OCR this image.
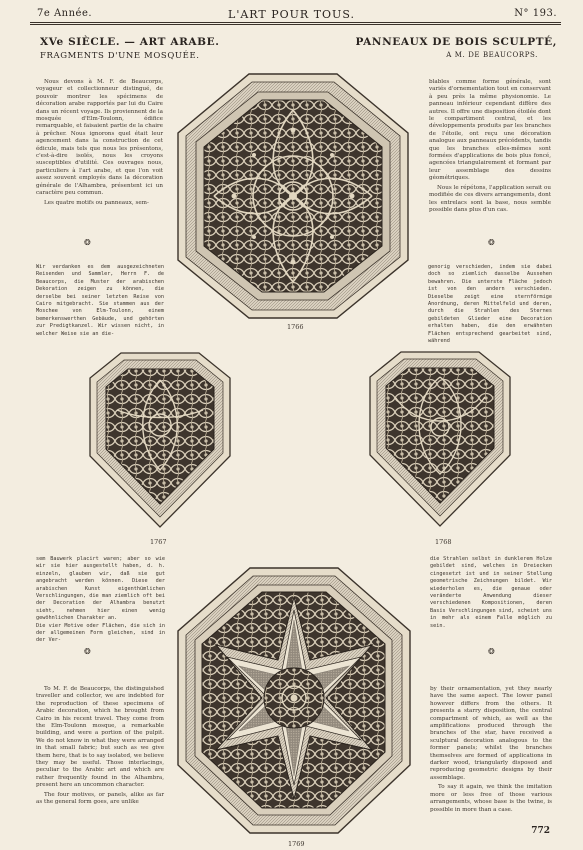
7e Année.	L'ART POUR TOUS.	N° 193.
XVe SIÈCLE. — ART ARABE.
FRAGMENTS D'UNE MOSQUÉE.
PANNEAUX DE BOIS SCULPTÉ,
A M. DE BEAUCORPS.

Nous devons à M. F. de Beaucorps, voyageur et collectionneur distingué, de pouvoir montrer les spécimens de décoration arabe rapportés par lui du Caire dans un récent voyage. Ils proviennent de la mosquée d'Elm-Toulonn, édifice remarquable, et faisaient partie de la chaire à prêcher. Nous ignorons quel était leur agencement dans la construction de cet édicule, mais tels que nous les présentons, c'est-à-dire isolés, nous les croyons susceptibles d'utilité. Ces ouvrages nous, particuliers à l'art arabe, et que l'on voit assez souvent employés dans la décoration générale de l'Alhambra, présentent ici un caractère peu commun.

Les quatre motifs ou panneaux, sem-

blables comme forme générale, sont variés d'ornementation tout en conservant à peu près la même physionomie. Le panneau inférieur cependant diffère des autres. Il offre une disposition étoilée dont le compartiment central, et les développements produits par les branches de l'étoile, ont reçu une décoration analogue aux panneaux précédents, tandis que les branches elles-mêmes sont formées d'applications de bois plus foncé, agencées triangulairement et formant par leur assemblage des dessins géométriques.

Nous le répétons, l'application serait ou modifiée de ces divers arrangements, dont les entrelacs sont la base, nous semble possible dans plus d'un cas.

❂	❂
Wir verdanken es dem ausgezeichneten Reisenden und Sammler, Herrn F. de Beaucorps, die Muster der arabischen Dekoration zeigen zu können, die derselbe bei seiner letzten Reise von Cairo mitgebracht. Sie stammen aus der Moschee von Elm-Toulonn, einem bemerkenswerthen Gebäude, und gehörten zur Predigtkanzel. Wir wissen nicht, in welcher Weise sie an die-
genorig verschieden, indem sie dabei doch so ziemlich dasselbe Aussehen bewahren. Die unterste Fläche jedoch ist von den andern verschieden. Dieselbe zeigt eine sternförmige Anordnung, deren Mittelfeld und deren, durch die Strahlen des Sternes gebildeten Glieder eine Decoration erhalten haben, die den erwähnten Flächen entsprechend gearbeitet sind, während
1766
1767	1768
sem Bauwerk placirt waren; aber so wie wir sie hier ausgestellt haben, d. h. einzeln, glauben wir, daß sie gut angebracht werden können. Diese der arabischen Kunst eigenthümlichen Verschlingungen, die man ziemlich oft bei der Decoration der Alhambra benutzt sieht, nehmen hier einen wenig gewöhnlichen Charakter an.
Die vier Motive oder Flächen, die sich in der allgemeinen Form gleichen, sind in der Ver-
die Strahlen selbst in dunklerem Holze gebildet sind, welches in Dreiecken cingesetzt ist und in seiner Stellung geometrische Zeichnungen bildet. Wir wiederholen es, die genaue oder veränderte Anwendung dieser verschiedenen Kompositionen, deren Basis Verschlingungen sind, scheint uns in mehr als einem Falle möglich zu sein.
❂	❂
1769

To M. F. de Beaucorps, the distinguished traveller and collector, we are indebted for the reproduction of these specimens of Arabic decoration, which he brought from Cairo in his recent travel. They come from the Elm-Toulonn mosque, a remarkable building, and were a portion of the pulpit. We do not know in what they were arranged in that small fabric; but such as we give them here, that is to say isolated, we believe they may be useful. Those interlacings, peculiar to the Arabic art and which are rather frequently found in the Alhambra, present here an uncommon character.

The four motives, or panels, alike as far as the general form goes, are unlike

by their ornamentation, yet they nearly have the same aspect. The lower panel however differs from the others. It presents a starry disposition, the central compartment of which, as well as the amplifications produced through the branches of the star, have received a sculptural decoration analogous to the former panels; whilst the branches themselves are formed of applications in darker wood, triangularly disposed and reproducing geometric designs by their assemblage.

To say it again, we think the imitation more or less free of those various arrangements, whose base is the twine, is possible in more than a case.

772
